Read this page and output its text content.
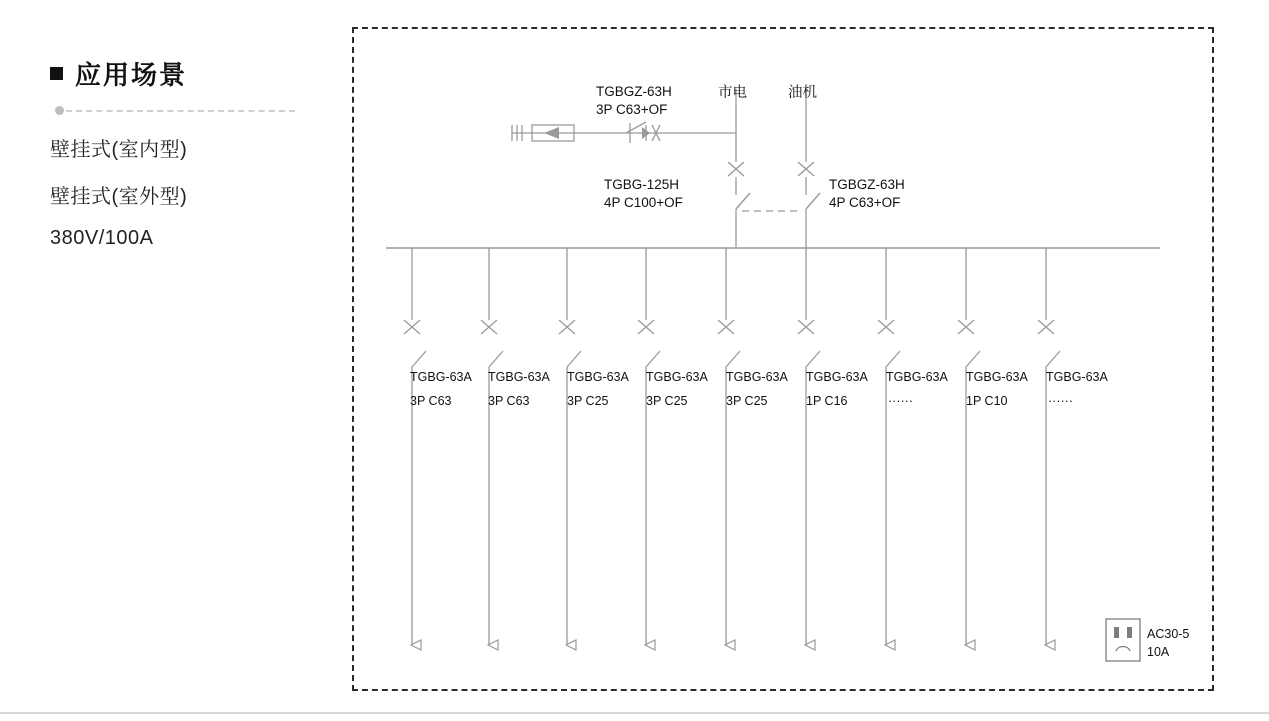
应用场景
壁挂式(室内型)
壁挂式(室外型)
380V/100A
市电	油机
TGBGZ-63H
3P C63+OF
TGBG-125H
4P C100+OF
TGBGZ-63H
4P C63+OF
TGBG-63A
3P C63
TGBG-63A
3P C63
TGBG-63A
3P C25
TGBG-63A
3P C25
TGBG-63A
3P C25
TGBG-63A
1P C16
TGBG-63A
······
TGBG-63A
1P C10
TGBG-63A
······
AC30-5
10A
